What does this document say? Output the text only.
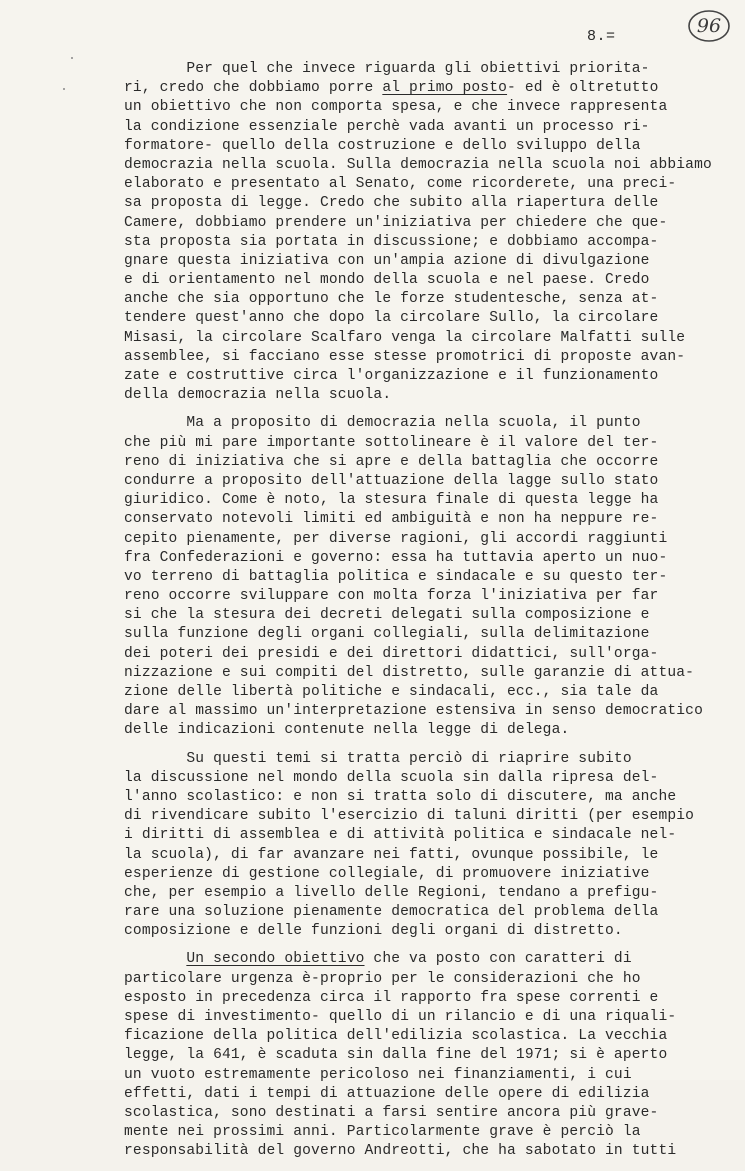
8.=	96
Per quel che invece riguarda gli obiettivi priorita-
ri, credo che dobbiamo porre al primo posto- ed è oltretutto
un obiettivo che non comporta spesa, e che invece rappresenta
la condizione essenziale perchè vada avanti un processo ri-
formatore- quello della costruzione e dello sviluppo della
democrazia nella scuola. Sulla democrazia nella scuola noi abbiamo
elaborato e presentato al Senato, come ricorderete, una preci-
sa proposta di legge. Credo che subito alla riapertura delle
Camere, dobbiamo prendere un'iniziativa per chiedere che que-
sta proposta sia portata in discussione; e dobbiamo accompa-
gnare questa iniziativa con un'ampia azione di divulgazione
e di orientamento nel mondo della scuola e nel paese. Credo
anche che sia opportuno che le forze studentesche, senza at-
tendere quest'anno che dopo la circolare Sullo, la circolare
Misasi, la circolare Scalfaro venga la circolare Malfatti sulle
assemblee, si facciano esse stesse promotrici di proposte avan-
zate e costruttive circa l'organizzazione e il funzionamento
della democrazia nella scuola.
Ma a proposito di democrazia nella scuola, il punto
che più mi pare importante sottolineare è il valore del ter-
reno di iniziativa che si apre e della battaglia che occorre
condurre a proposito dell'attuazione della lagge sullo stato
giuridico. Come è noto, la stesura finale di questa legge ha
conservato notevoli limiti ed ambiguità e non ha neppure re-
cepito pienamente, per diverse ragioni, gli accordi raggiunti
fra Confederazioni e governo: essa ha tuttavia aperto un nuo-
vo terreno di battaglia politica e sindacale e su questo ter-
reno occorre sviluppare con molta forza l'iniziativa per far
si che la stesura dei decreti delegati sulla composizione e
sulla funzione degli organi collegiali, sulla delimitazione
dei poteri dei presidi e dei direttori didattici, sull'orga-
nizzazione e sui compiti del distretto, sulle garanzie di attua-
zione delle libertà politiche e sindacali, ecc., sia tale da
dare al massimo un'interpretazione estensiva in senso democratico
delle indicazioni contenute nella legge di delega.
Su questi temi si tratta perciò di riaprire subito
la discussione nel mondo della scuola sin dalla ripresa del-
l'anno scolastico: e non si tratta solo di discutere, ma anche
di rivendicare subito l'esercizio di taluni diritti (per esempio
i diritti di assemblea e di attività politica e sindacale nel-
la scuola), di far avanzare nei fatti, ovunque possibile, le
esperienze di gestione collegiale, di promuovere iniziative
che, per esempio a livello delle Regioni, tendano a prefigu-
rare una soluzione pienamente democratica del problema della
composizione e delle funzioni degli organi di distretto.
Un secondo obiettivo che va posto con caratteri di
particolare urgenza è-proprio per le considerazioni che ho
esposto in precedenza circa il rapporto fra spese correnti e
spese di investimento- quello di un rilancio e di una riquali-
ficazione della politica dell'edilizia scolastica. La vecchia
legge, la 641, è scaduta sin dalla fine del 1971; si è aperto
un vuoto estremamente pericoloso nei finanziamenti, i cui
effetti, dati i tempi di attuazione delle opere di edilizia
scolastica, sono destinati a farsi sentire ancora più grave-
mente nei prossimi anni. Particolarmente grave è perciò la
responsabilità del governo Andreotti, che ha sabotato in tutti
